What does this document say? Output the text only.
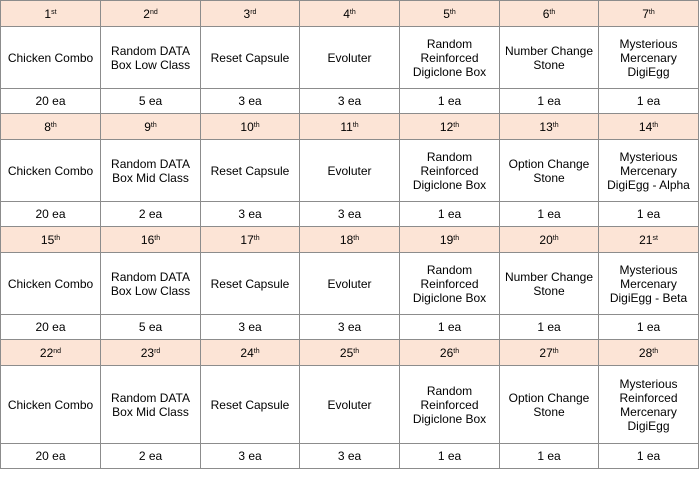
1st	2nd	3rd	4th	5th	6th	7th
Chicken Combo	Random DATA Box Low Class	Reset Capsule	Evoluter	Random Reinforced Digiclone Box	Number Change Stone	Mysterious Mercenary DigiEgg
20 ea	5 ea	3 ea	3 ea	1 ea	1 ea	1 ea
8th	9th	10th	11th	12th	13th	14th
Chicken Combo	Random DATA Box Mid Class	Reset Capsule	Evoluter	Random Reinforced Digiclone Box	Option Change Stone	Mysterious Mercenary DigiEgg - Alpha
20 ea	2 ea	3 ea	3 ea	1 ea	1 ea	1 ea
15th	16th	17th	18th	19th	20th	21st
Chicken Combo	Random DATA Box Low Class	Reset Capsule	Evoluter	Random Reinforced Digiclone Box	Number Change Stone	Mysterious Mercenary DigiEgg - Beta
20 ea	5 ea	3 ea	3 ea	1 ea	1 ea	1 ea
22nd	23rd	24th	25th	26th	27th	28th
Chicken Combo	Random DATA Box Mid Class	Reset Capsule	Evoluter	Random Reinforced Digiclone Box	Option Change Stone	Mysterious Reinforced Mercenary DigiEgg
20 ea	2 ea	3 ea	3 ea	1 ea	1 ea	1 ea
